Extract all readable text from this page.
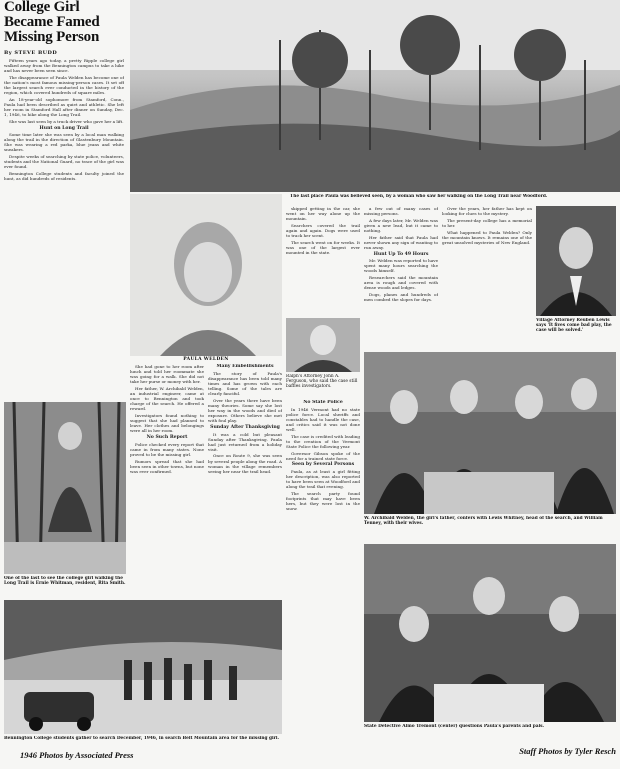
College Girl Became Famed Missing Person
By STEVE BUDD

Fifteen years ago today, a pretty Ripple college girl walked away from the Bennington campus to take a hike and has never been seen since.

The disappearance of Paula Welden has become one of the nation's most famous missing-person cases. It set off the largest search ever conducted in the history of the region, which covered hundreds of square miles.

An 18-year-old sophomore from Stamford, Conn., Paula had been described as quiet and athletic. She left her room in Stamford Hall after dinner on Sunday, Dec. 1, 1946, to hike along the Long Trail.

She was last seen by a truck driver who gave her a lift.

Hunt on Long Trail

Some time later she was seen by a local man walking along the trail in the direction of Glastenbury Mountain. She was wearing a red parka, blue jeans and white sneakers.

Despite weeks of searching by state police, volunteers, students and the National Guard, no trace of the girl was ever found.

Bennington College students and faculty joined the hunt, as did hundreds of residents.

The last place Paula was believed seen, by a woman who saw her walking on the Long Trail near Woodford.
PAULA WELDEN

She had gone to her room after lunch and told her roommate she was going for a walk. She did not take her purse or money with her.

Her father, W. Archibald Welden, an industrial engineer, came at once to Bennington and took charge of the search. He offered a reward.

Investigators found nothing to suggest that she had planned to leave. Her clothes and belongings were all in her room.

No Such Report

Police checked every report that came in from many states. None proved to be the missing girl.

Rumors spread that she had been seen in other towns, but none was ever confirmed.

Many Embellishments

The story of Paula's disappearance has been told many times and has grown with each telling. Some of the tales are clearly fanciful.

Over the years there have been many theories. Some say she lost her way in the woods and died of exposure. Others believe she met with foul play.

Sunday After Thanksgiving

It was a cold but pleasant Sunday after Thanksgiving. Paula had just returned from a holiday visit.

Once on Route 9, she was seen by several people along the road. A woman in the village remembers seeing her near the trail head.

skipped getting in the car, she went on her way alone up the mountain.

Searchers covered the trail again and again. Dogs were used to track her scent.

The search went on for weeks. It was one of the largest ever mounted in the state.

Ralph's Attorney John A. Ferguson, who said the case still baffles investigators.

No State Police

In 1946 Vermont had no state police force. Local sheriffs and constables had to handle the case, and critics said it was not done well.

The case is credited with leading to the creation of the Vermont State Police the following year.

Governor Gibson spoke of the need for a trained state force.

Seen by Several Persons

Paula, as at least a girl fitting her description, was also reported to have been seen at Woodford and along the trail that evening.

The search party found footprints that may have been hers, but they were lost in the snow.

a few out of many cases of missing persons.

A few days later, Mr. Welden was given a new lead, but it came to nothing.

Her father said that Paula had never shown any sign of wanting to run away.

Hunt Up To 49 Hours

Mr. Welden was reported to have spent many hours searching the woods himself.

Researchers said the mountain area is rough and covered with dense woods and ledges.

Dogs, planes and hundreds of men combed the slopes for days.

Over the years, her father has kept on looking for clues to the mystery.

The present-day college has a memorial to her.

What happened to Paula Welden? Only the mountain knows. It remains one of the great unsolved mysteries of New England.

Village Attorney Reuben Lewis says 'It fives come bad play, the case will be solved.'
W. Archibald Welden, the girl's father, confers with Lewis Whitney, head of the search, and William Tenney, with their wives.
State Detective Almo Tremont (center) questions Paula's parents and pals.
Staff Photos by Tyler Resch
One of the last to see the college girl walking the Long Trail is Ernie Whitman, resident, Rita Smith.
Bennington College students gather to search December, 1946, in search Belt Mountain area for the missing girl.
1946 Photos by Associated Press
